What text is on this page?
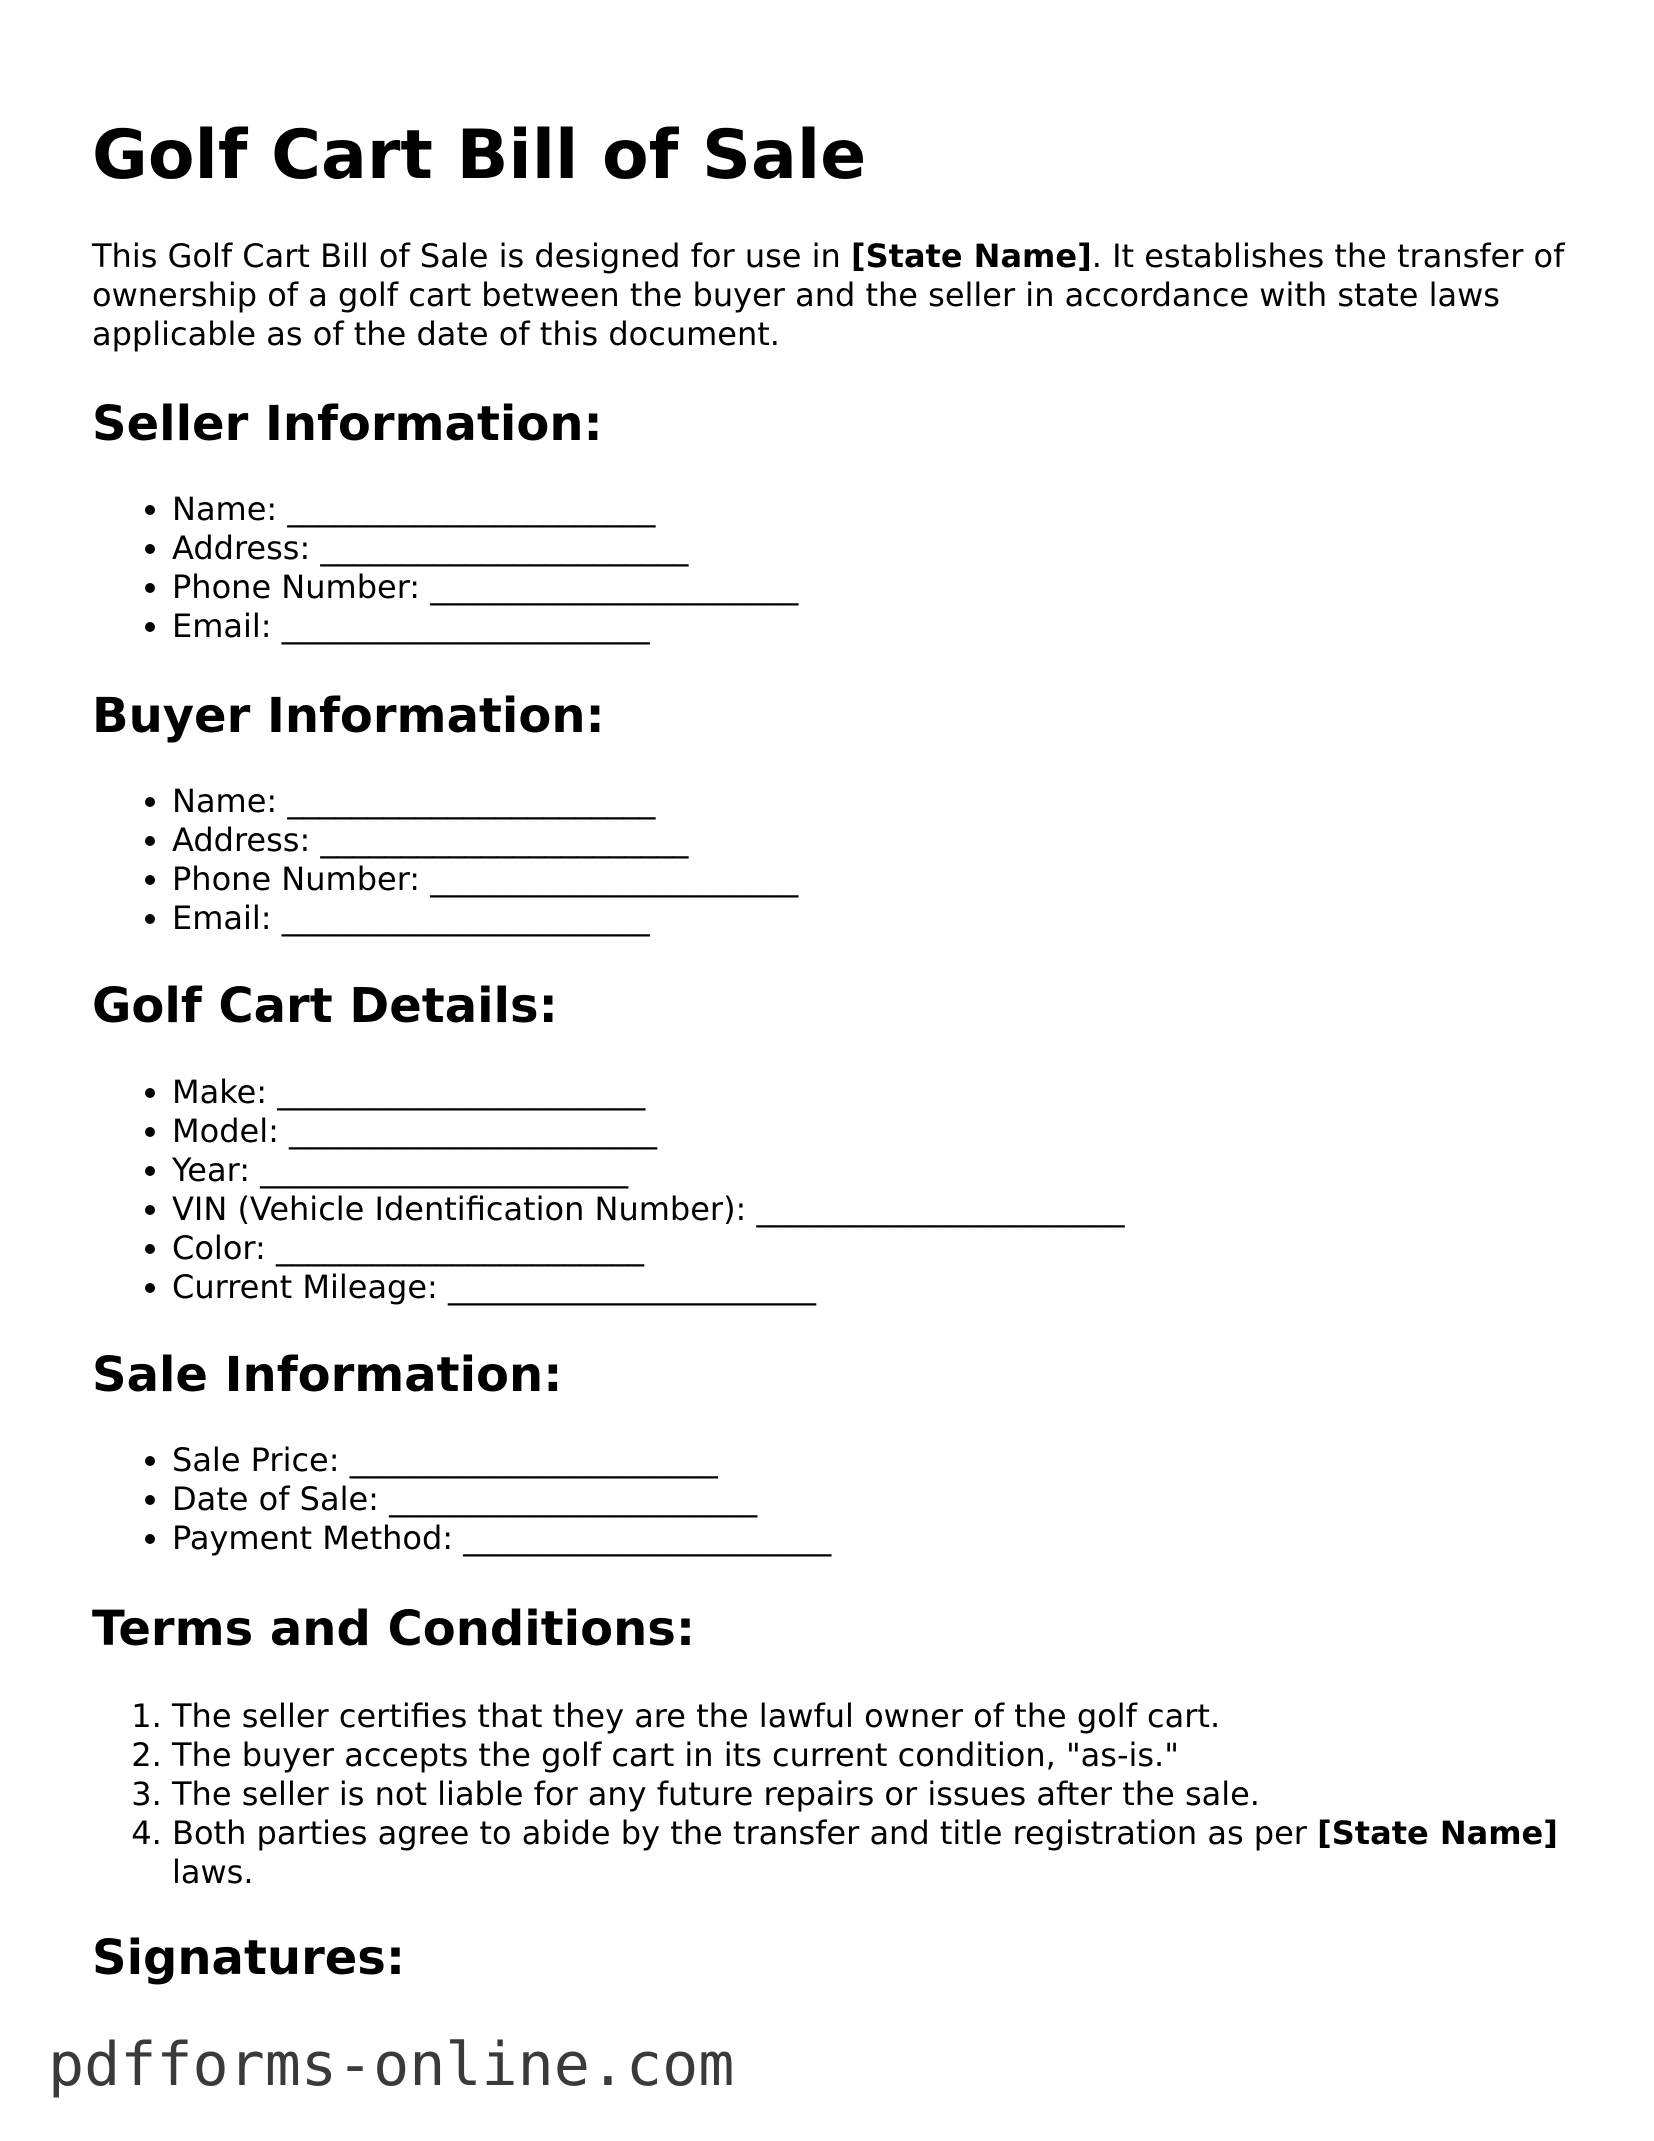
Golf Cart Bill of Sale

This Golf Cart Bill of Sale is designed for use in [State Name]. It establishes the transfer of ownership of a golf cart between the buyer and the seller in accordance with state laws applicable as of the date of this document.

Seller Information:
• Name: _______________________
• Address: _______________________
• Phone Number: _______________________
• Email: _______________________
Buyer Information:
• Name: _______________________
• Address: _______________________
• Phone Number: _______________________
• Email: _______________________
Golf Cart Details:
• Make: _______________________
• Model: _______________________
• Year: _______________________
• VIN (Vehicle Identification Number): _______________________
• Color: _______________________
• Current Mileage: _______________________
Sale Information:
• Sale Price: _______________________
• Date of Sale: _______________________
• Payment Method: _______________________
Terms and Conditions:
1. The seller certifies that they are the lawful owner of the golf cart.
2. The buyer accepts the golf cart in its current condition, "as-is."
3. The seller is not liable for any future repairs or issues after the sale.
4. Both parties agree to abide by the transfer and title registration as per [State Name] laws.
Signatures:
pdfforms-online.com
